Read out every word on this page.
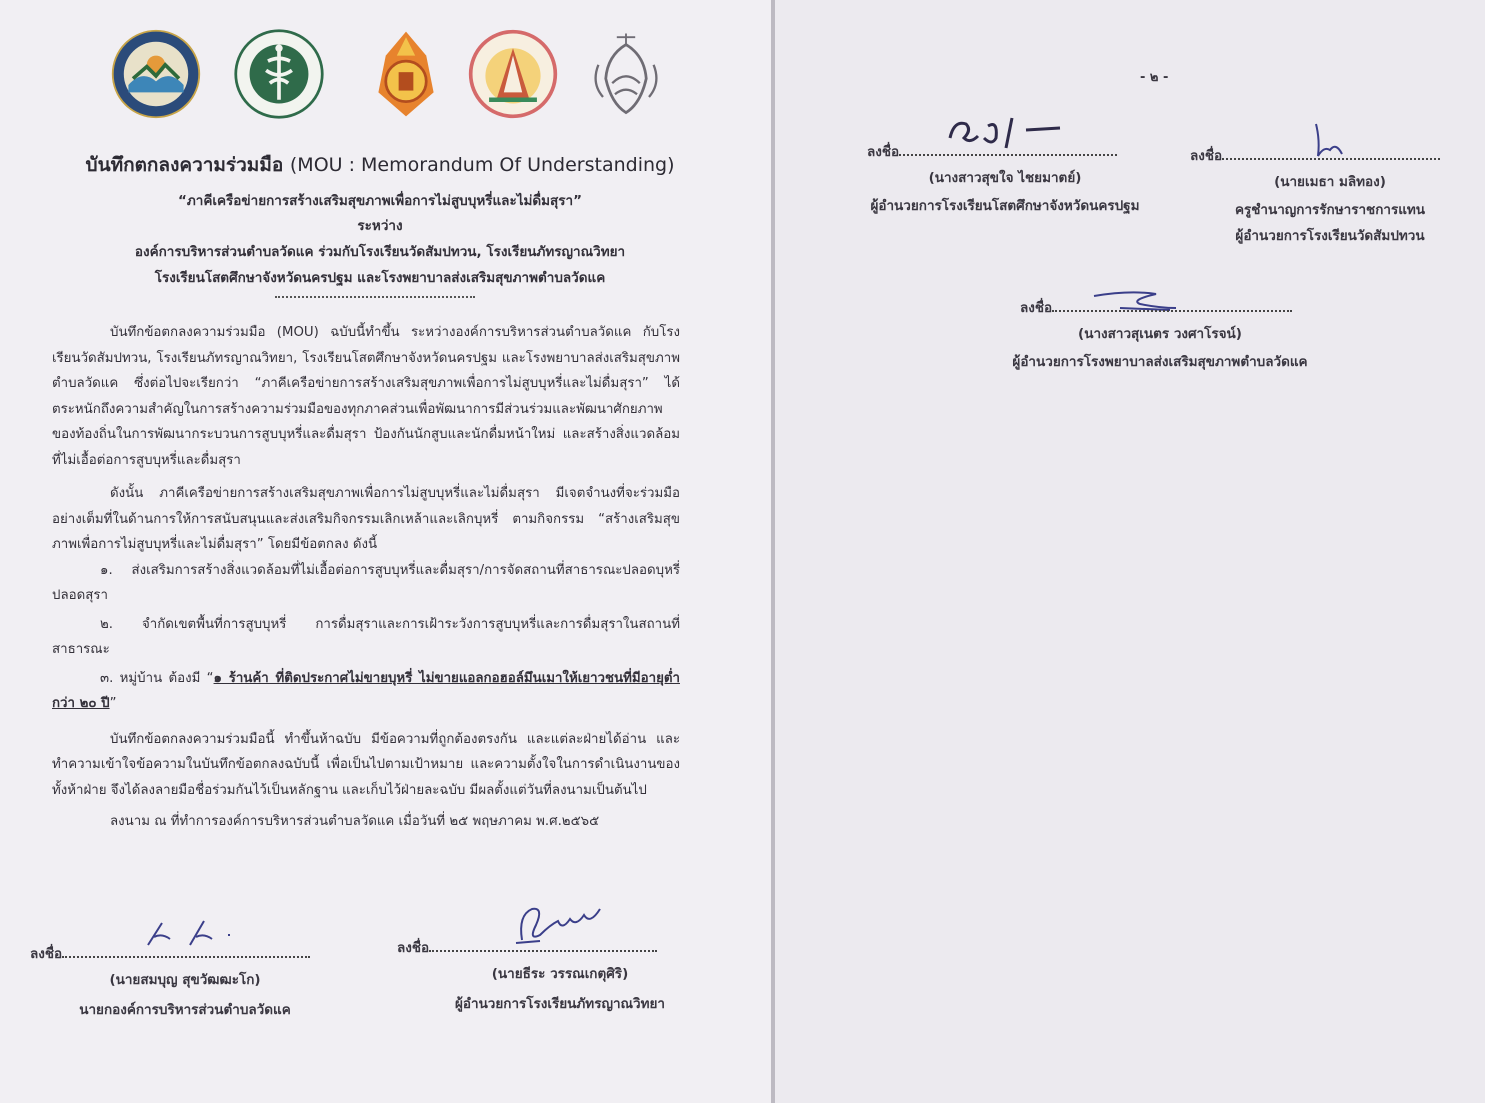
บันทึกตกลงความร่วมมือ (MOU : Memorandum Of Understanding)
“ภาคีเครือข่ายการสร้างเสริมสุขภาพเพื่อการไม่สูบบุหรี่และไม่ดื่มสุรา”
ระหว่าง
องค์การบริหารส่วนตำบลวัดแค ร่วมกับโรงเรียนวัดสัมปทวน, โรงเรียนภัทรญาณวิทยา
โรงเรียนโสตศึกษาจังหวัดนครปฐม และโรงพยาบาลส่งเสริมสุขภาพตำบลวัดแค

บันทึกข้อตกลงความร่วมมือ (MOU) ฉบับนี้ทำขึ้น ระหว่างองค์การบริหารส่วนตำบลวัดแค กับโรงเรียนวัดสัมปทวน, โรงเรียนภัทรญาณวิทยา, โรงเรียนโสตศึกษาจังหวัดนครปฐม และโรงพยาบาลส่งเสริมสุขภาพตำบลวัดแค ซึ่งต่อไปจะเรียกว่า “ภาคีเครือข่ายการสร้างเสริมสุขภาพเพื่อการไม่สูบบุหรี่และไม่ดื่มสุรา” ได้ตระหนักถึงความสำคัญในการสร้างความร่วมมือของทุกภาคส่วนเพื่อพัฒนาการมีส่วนร่วมและพัฒนาศักยภาพของท้องถิ่นในการพัฒนากระบวนการสูบบุหรี่และดื่มสุรา ป้องกันนักสูบและนักดื่มหน้าใหม่ และสร้างสิ่งแวดล้อมที่ไม่เอื้อต่อการสูบบุหรี่และดื่มสุรา

ดังนั้น ภาคีเครือข่ายการสร้างเสริมสุขภาพเพื่อการไม่สูบบุหรี่และไม่ดื่มสุรา มีเจตจำนงที่จะร่วมมืออย่างเต็มที่ในด้านการให้การสนับสนุนและส่งเสริมกิจกรรมเลิกเหล้าและเลิกบุหรี่ ตามกิจกรรม “สร้างเสริมสุขภาพเพื่อการไม่สูบบุหรี่และไม่ดื่มสุรา” โดยมีข้อตกลง ดังนี้

๑. ส่งเสริมการสร้างสิ่งแวดล้อมที่ไม่เอื้อต่อการสูบบุหรี่และดื่มสุรา/การจัดสถานที่สาธารณะปลอดบุหรี่ ปลอดสุรา

๒. จำกัดเขตพื้นที่การสูบบุหรี่ การดื่มสุราและการเฝ้าระวังการสูบบุหรี่และการดื่มสุราในสถานที่สาธารณะ

๓. หมู่บ้าน ต้องมี “๑ ร้านค้า ที่ติดประกาศไม่ขายบุหรี่ ไม่ขายแอลกอฮอล์มึนเมาให้เยาวชนที่มีอายุต่ำกว่า ๒๐ ปี”

บันทึกข้อตกลงความร่วมมือนี้ ทำขึ้นห้าฉบับ มีข้อความที่ถูกต้องตรงกัน และแต่ละฝ่ายได้อ่าน และทำความเข้าใจข้อความในบันทึกข้อตกลงฉบับนี้ เพื่อเป็นไปตามเป้าหมาย และความตั้งใจในการดำเนินงานของทั้งห้าฝ่าย จึงได้ลงลายมือชื่อร่วมกันไว้เป็นหลักฐาน และเก็บไว้ฝ่ายละฉบับ มีผลตั้งแต่วันที่ลงนามเป็นต้นไป

ลงนาม ณ ที่ทำการองค์การบริหารส่วนตำบลวัดแค เมื่อวันที่ ๒๕ พฤษภาคม พ.ศ.๒๕๖๕

ลงชื่อ
(นายสมบุญ สุขวัฒฒะโก)
นายกองค์การบริหารส่วนตำบลวัดแค
ลงชื่อ
(นายธีระ วรรณเกตุศิริ)
ผู้อำนวยการโรงเรียนภัทรญาณวิทยา
- ๒ -
ลงชื่อ
(นางสาวสุขใจ ไชยมาตย์)
ผู้อำนวยการโรงเรียนโสตศึกษาจังหวัดนครปฐม
ลงชื่อ
(นายเมธา มลิทอง)
ครูชำนาญการรักษาราชการแทน
ผู้อำนวยการโรงเรียนวัดสัมปทวน
ลงชื่อ
(นางสาวสุเนตร วงศาโรจน์)
ผู้อำนวยการโรงพยาบาลส่งเสริมสุขภาพตำบลวัดแค
